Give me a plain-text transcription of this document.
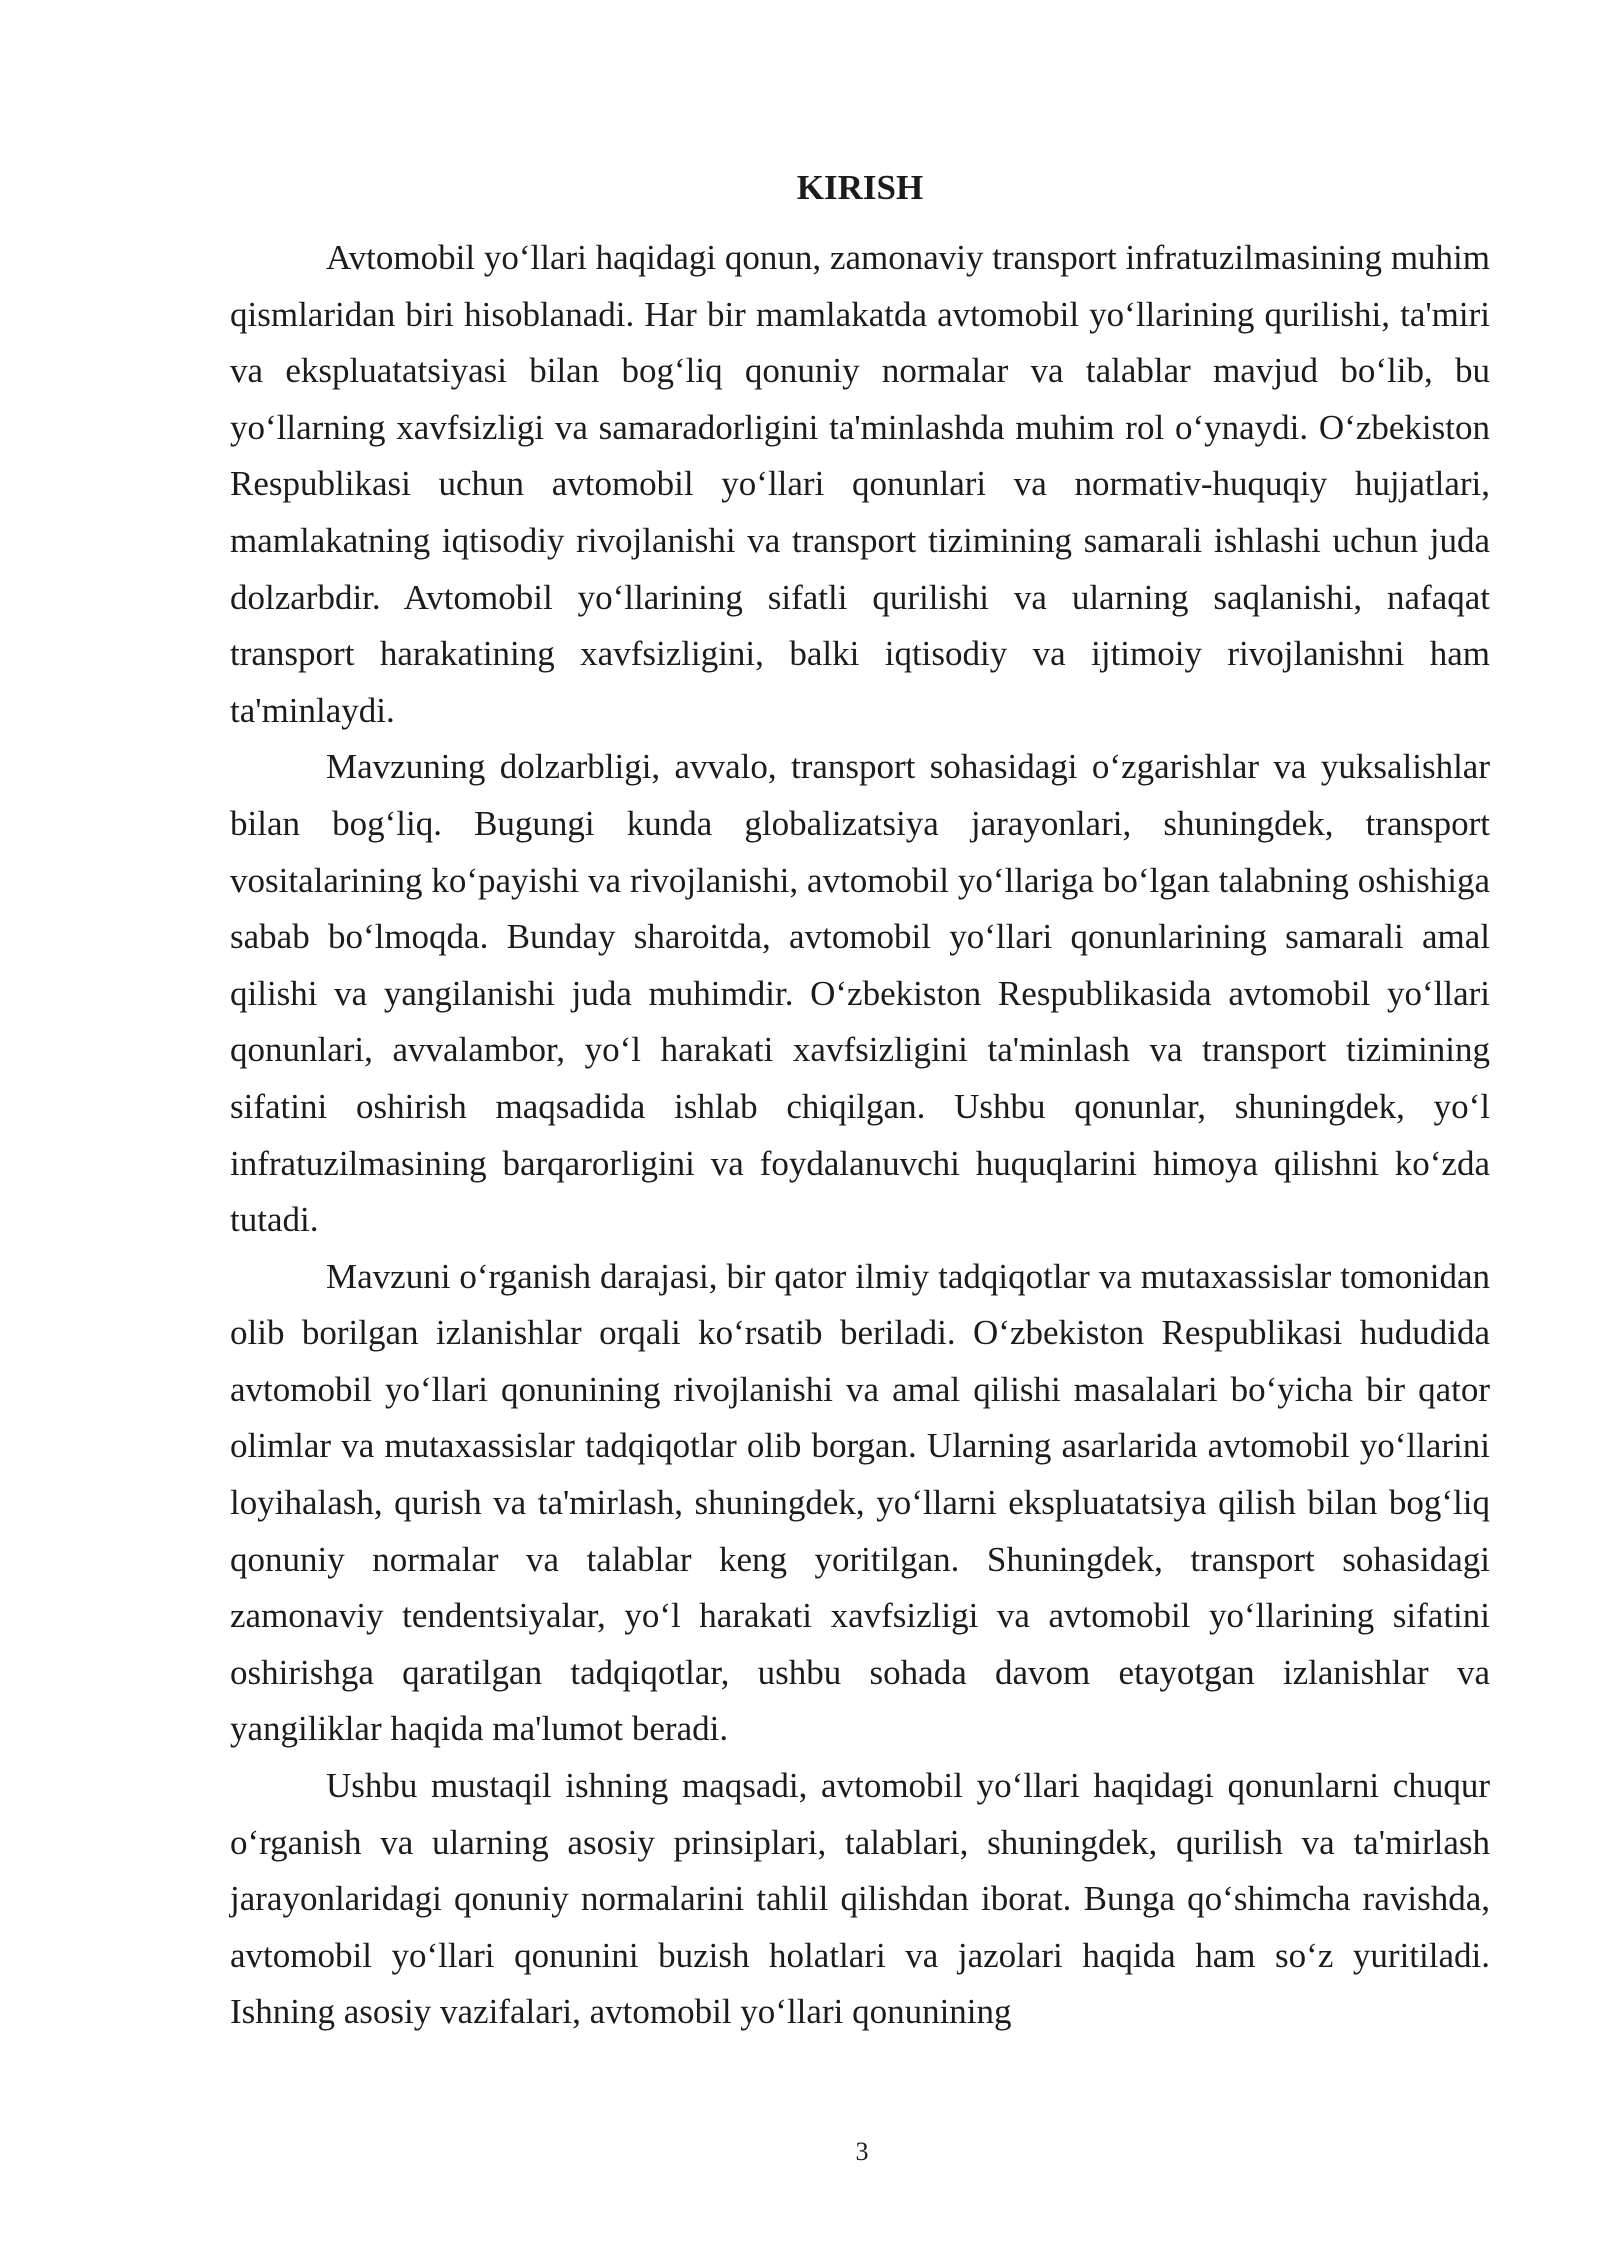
KIRISH

Avtomobil yo‘llari haqidagi qonun, zamonaviy transport infratuzilmasining muhim qismlaridan biri hisoblanadi. Har bir mamlakatda avtomobil yo‘llarining qurilishi, ta'miri va ekspluatatsiyasi bilan bog‘liq qonuniy normalar va talablar mavjud bo‘lib, bu yo‘llarning xavfsizligi va samaradorligini ta'minlashda muhim rol o‘ynaydi. O‘zbekiston Respublikasi uchun avtomobil yo‘llari qonunlari va normativ-huquqiy hujjatlari, mamlakatning iqtisodiy rivojlanishi va transport tizimining samarali ishlashi uchun juda dolzarbdir. Avtomobil yo‘llarining sifatli qurilishi va ularning saqlanishi, nafaqat transport harakatining xavfsizligini, balki iqtisodiy va ijtimoiy rivojlanishni ham ta'minlaydi.

Mavzuning dolzarbligi, avvalo, transport sohasidagi o‘zgarishlar va yuksalishlar bilan bog‘liq. Bugungi kunda globalizatsiya jarayonlari, shuningdek, transport vositalarining ko‘payishi va rivojlanishi, avtomobil yo‘llariga bo‘lgan talabning oshishiga sabab bo‘lmoqda. Bunday sharoitda, avtomobil yo‘llari qonunlarining samarali amal qilishi va yangilanishi juda muhimdir. O‘zbekiston Respublikasida avtomobil yo‘llari qonunlari, avvalambor, yo‘l harakati xavfsizligini ta'minlash va transport tizimining sifatini oshirish maqsadida ishlab chiqilgan. Ushbu qonunlar, shuningdek, yo‘l infratuzilmasining barqarorligini va foydalanuvchi huquqlarini himoya qilishni ko‘zda tutadi.

Mavzuni o‘rganish darajasi, bir qator ilmiy tadqiqotlar va mutaxassislar tomonidan olib borilgan izlanishlar orqali ko‘rsatib beriladi. O‘zbekiston Respublikasi hududida avtomobil yo‘llari qonunining rivojlanishi va amal qilishi masalalari bo‘yicha bir qator olimlar va mutaxassislar tadqiqotlar olib borgan. Ularning asarlarida avtomobil yo‘llarini loyihalash, qurish va ta'mirlash, shuningdek, yo‘llarni ekspluatatsiya qilish bilan bog‘liq qonuniy normalar va talablar keng yoritilgan. Shuningdek, transport sohasidagi zamonaviy tendentsiyalar, yo‘l harakati xavfsizligi va avtomobil yo‘llarining sifatini oshirishga qaratilgan tadqiqotlar, ushbu sohada davom etayotgan izlanishlar va yangiliklar haqida ma'lumot beradi.

Ushbu mustaqil ishning maqsadi, avtomobil yo‘llari haqidagi qonunlarni chuqur o‘rganish va ularning asosiy prinsiplari, talablari, shuningdek, qurilish va ta'mirlash jarayonlaridagi qonuniy normalarini tahlil qilishdan iborat. Bunga qo‘shimcha ravishda, avtomobil yo‘llari qonunini buzish holatlari va jazolari haqida ham so‘z yuritiladi. Ishning asosiy vazifalari, avtomobil yo‘llari qonunining

3
